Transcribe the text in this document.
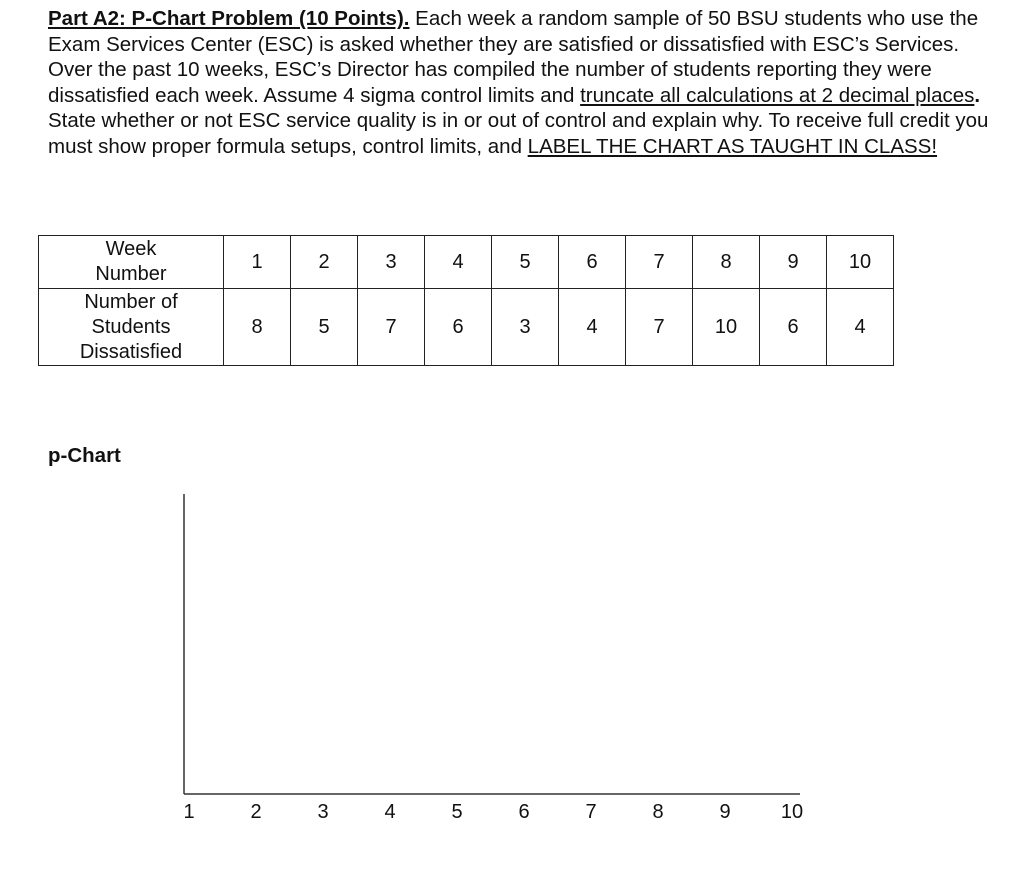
Part A2: P-Chart Problem (10 Points). Each week a random sample of 50 BSU students who use the Exam Services Center (ESC) is asked whether they are satisfied or dissatisfied with ESC’s Services. Over the past 10 weeks, ESC’s Director has compiled the number of students reporting they were dissatisfied each week. Assume 4 sigma control limits and truncate all calculations at 2 decimal places. State whether or not ESC service quality is in or out of control and explain why. To receive full credit you must show proper formula setups, control limits, and LABEL THE CHART AS TAUGHT IN CLASS!

Week
Number	1	2	3	4	5	6	7	8	9	10
Number of
Students
Dissatisfied	8	5	7	6	3	4	7	10	6	4
p-Chart
1	2	3	4	5	6	7	8	9	10
